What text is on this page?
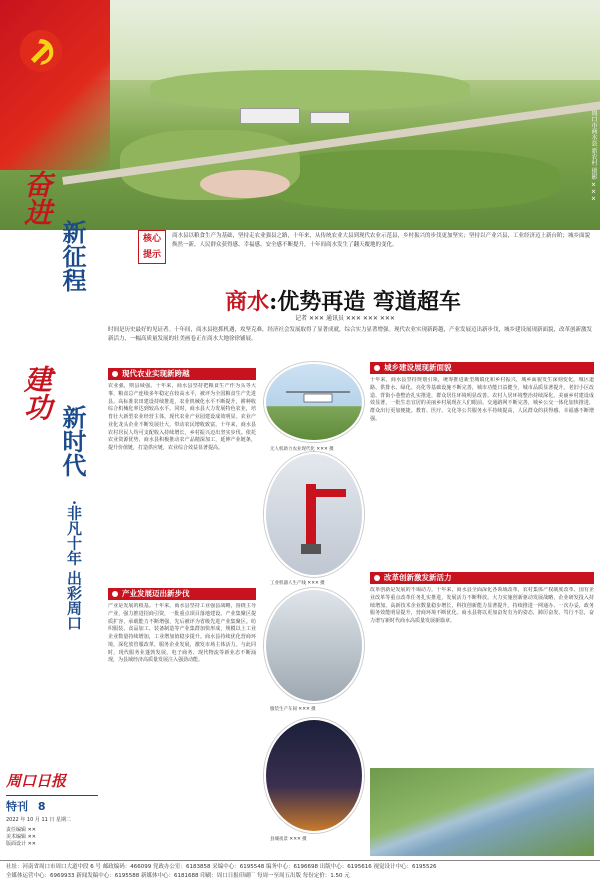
周口市商水县 新农村 摄影 ✕✕✕
奋进
新征程
建功
新时代
·非凡十年 出彩周口
周口日报
特刊 8
2022 年 10 月 11 日 星期二
责任编辑 ✕✕
美术编辑 ✕✕
版面设计 ✕✕
核心提示
商水县以粮食生产为基础，坚持走农业强县之路，十年来，从传统农业大县到现代农业示范县，乡村振兴的步伐更加坚实；坚持以产业兴县，工业经济迈上新台阶；城乡面貌焕然一新，人民群众获得感、幸福感、安全感不断提升，十年间商水发生了翻天覆地的变化。
商水:优势再造 弯道超车
记者 ✕✕✕ 通讯员 ✕✕✕ ✕✕✕ ✕✕✕
时间是历史最好的见证者。十年间，商水县抢抓机遇，攻坚克难，经济社会发展取得了显著成就，综合实力显著增强。现代农业实现新跨越，产业发展迈出新步伐，城乡建设展现新面貌，改革创新激发新活力，一幅高质量发展的壮美画卷正在商水大地徐徐铺展。
现代农业实现新跨越
农业强，则县域强。十年来，商水县坚持把粮食生产作为头等大事，粮食总产连续多年稳定在较高水平，被评为全国粮食生产先进县。高标准农田建设持续推进，农业机械化水平不断提升，耕种收综合机械化率达到较高水平。同时，商水县大力发展特色农业，培育壮大新型农业经营主体，现代农业产业园建设成效明显。农业产业化龙头企业不断发展壮大，带动农民增收致富。十年来，商水县农村居民人均可支配收入持续增长，乡村振兴迈出坚实步伐。依托农业资源优势，商水县积极推动农产品精深加工，延伸产业链条，提升价值链，打造供应链，农业综合效益显著提高。
产业发展迈出新步伐
产业是发展的根基。十年来，商水县坚持工业强县战略，围绕主导产业，强力推进招商引资，一批重点项目落地建设。产业集聚区提质扩容，承载能力不断增强，先后被评为省级先进产业集聚区。纺织服装、食品加工、装备制造等产业集群加快形成，规模以上工业企业数量持续增加，工业增加值稳步提升。商水县持续优化营商环境，深化放管服改革，服务企业发展，激发市场主体活力。与此同时，现代服务业蓬勃发展，电子商务、现代物流等新业态不断涌现，为县域经济高质量发展注入强劲动能。
无人机助力农业现代化 ✕✕✕ 摄
工业机器人生产线 ✕✕✕ 摄
服装生产车间 ✕✕✕ 摄
县城夜景 ✕✕✕ 摄
城乡建设展现新面貌
十年来，商水县坚持规划引领，统筹推进新型城镇化和乡村振兴，城乡面貌发生深刻变化。城区道路、供排水、绿化、亮化等基础设施不断完善，城市功能日益健全，城市品质显著提升。老旧小区改造、背街小巷整治扎实推进，群众居住环境明显改善。农村人居环境整治持续深化，美丽乡村建设成效显著，一批生态宜居的美丽乡村展现在人们眼前。交通路网不断完善，城乡公交一体化加快推进，群众出行更加便捷。教育、医疗、文化等公共服务水平持续提高，人民群众的获得感、幸福感不断增强。
改革创新激发新活力
改革创新是发展的不竭动力。十年来，商水县全面深化各领域改革，农村集体产权制度改革、国有企业改革等重点改革任务扎实推进，发展活力不断释放。大力实施创新驱动发展战略，企业研发投入持续增加，高新技术企业数量稳步增长，科技创新能力显著提升。持续推进一网通办、一次办妥，政务服务效能明显提升，营商环境不断优化。商水县将以更加奋发有为的姿态，踔厉奋发、笃行不怠，奋力谱写新时代商水高质量发展新篇章。
社址：河南省周口市周口大道中段 6 号 邮政编码：466099 党政办公室：6183858 采编中心：6195548 编务中心：6196698 出版中心：6195616 视觉设计中心：6195526
全媒体运营中心：6969933 新闻发稿中心：6195588 新媒体中心：6181688 印刷：周口日报印刷厂 每周一至周五出版 每份定价：1.50 元
